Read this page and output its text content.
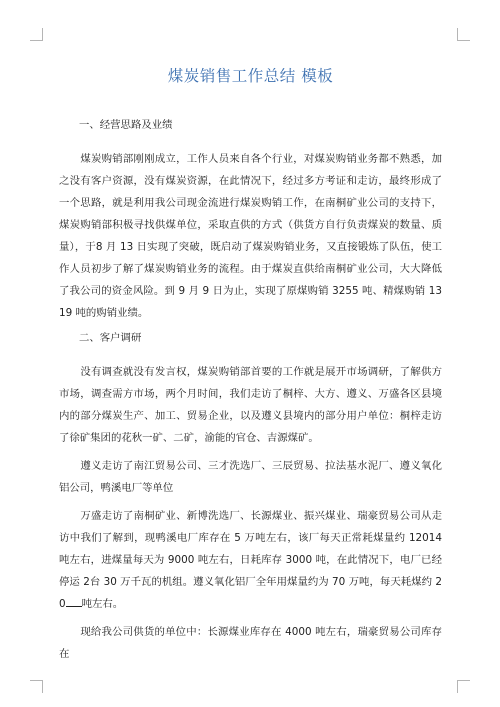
煤炭销售工作总结 模板

一、经营思路及业绩

煤炭购销部刚刚成立，工作人员来自各个行业，对煤炭购销业务都不熟悉，加之没有客户资源，没有煤炭资源，在此情况下，经过多方考证和走访，最终形成了一个思路，就是利用我公司现金流进行煤炭购销工作，在南桐矿业公司的支持下，煤炭购销部积极寻找供煤单位，采取直供的方式（供货方自行负责煤炭的数量、质量），于8 月 13 日实现了突破，既启动了煤炭购销业务，又直接锻炼了队伍，使工作人员初步了解了煤炭购销业务的流程。由于煤炭直供给南桐矿业公司，大大降低了我公司的资金风险。到 9 月 9 日为止，实现了原煤购销 3255 吨、精煤购销 1319 吨的购销业绩。

二、客户调研

没有调查就没有发言权，煤炭购销部首要的工作就是展开市场调研，了解供方市场，调查需方市场，两个月时间，我们走访了桐梓、大方、遵义、万盛各区县境内的部分煤炭生产、加工、贸易企业，以及遵义县境内的部分用户单位：桐梓走访了徐矿集团的花秋一矿、二矿，渝能的官仓、吉源煤矿。

遵义走访了南江贸易公司、三才洗选厂、三辰贸易、拉法基水泥厂、遵义氧化铝公司，鸭溪电厂等单位

万盛走访了南桐矿业、新博洗选厂、长源煤业、振兴煤业、瑞豪贸易公司从走访中我们了解到，现鸭溪电厂库存在 5 万吨左右，该厂每天正常耗煤量约 12014 吨左右，进煤量每天为 9000 吨左右，日耗库存 3000 吨，在此情况下，电厂已经停运 2台 30 万千瓦的机组。遵义氧化铝厂全年用煤量约为 70 万吨，每天耗煤约 20 吨左右。

现给我公司供货的单位中：长源煤业库存在 4000 吨左右，瑞豪贸易公司库存在
